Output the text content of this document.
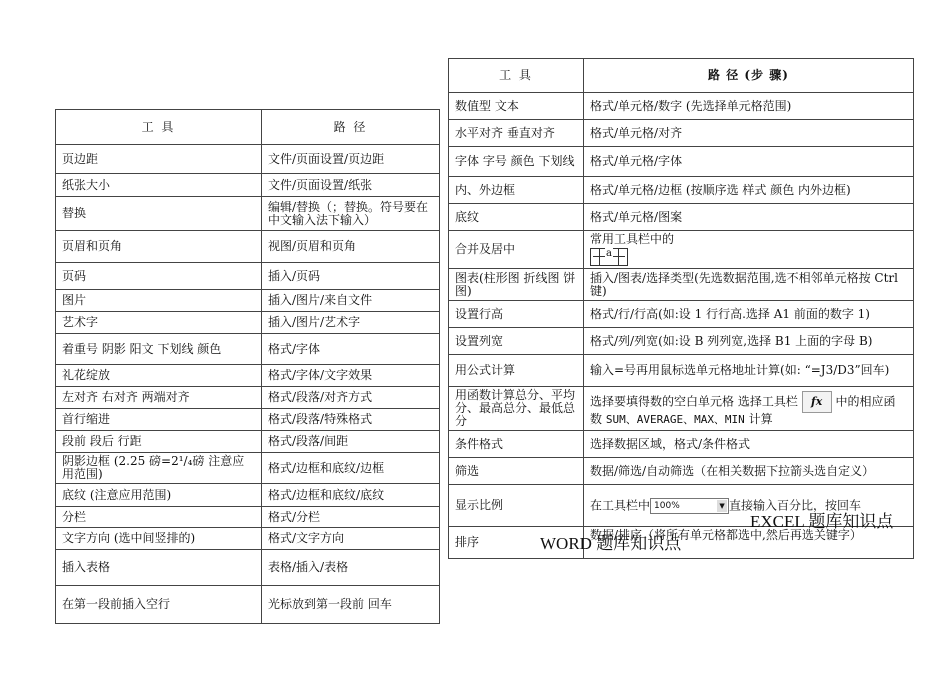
工 具	路 径
页边距	文件/页面设置/页边距
纸张大小	文件/页面设置/纸张
替换	编辑/替换（；替换。符号要在中文输入法下输入）
页眉和页角	视图/页眉和页角
页码	插入/页码
图片	插入/图片/来自文件
艺术字	插入/图片/艺术字
着重号 阴影 阳文 下划线 颜色	格式/字体
礼花绽放	格式/字体/文字效果
左对齐 右对齐 两端对齐	格式/段落/对齐方式
首行缩进	格式/段落/特殊格式
段前 段后 行距	格式/段落/间距
阴影边框 (2.25 磅=2¹/₄磅 注意应用范围)	格式/边框和底纹/边框
底纹 (注意应用范围)	格式/边框和底纹/底纹
分栏	格式/分栏
文字方向 (选中间竖排的)	格式/文字方向
插入表格	表格/插入/表格
在第一段前插入空行	光标放到第一段前 回车
工 具	路 径 (步 骤)
数值型 文本	格式/单元格/数字 (先选择单元格范围)
水平对齐 垂直对齐	格式/单元格/对齐
字体 字号 颜色 下划线	格式/单元格/字体
内、外边框	格式/单元格/边框 (按顺序选 样式 颜色 内外边框)
底纹	格式/单元格/图案
合并及居中	常用工具栏中的

a

图表(柱形图 折线图 饼图)	插入/图表/选择类型(先选数据范围,选不相邻单元格按 Ctrl 键)
设置行高	格式/行/行高(如:设 1 行行高.选择 A1 前面的数字 1)
设置列宽	格式/列/列宽(如:设 B 列列宽,选择 B1 上面的字母 B)
用公式计算	输入=号再用鼠标选单元格地址计算(如: “=J3/D3”回车)
用函数计算总分、平均分、最高总分、最低总分	选择要填得数的空白单元格 选择工具栏 fx 中的相应函数 SUM、AVERAGE、MAX、MIN 计算
条件格式	选择数据区域，格式/条件格式
筛选	数据/筛选/自动筛选（在相关数据下拉箭头选自定义）
显示比例	在工具栏中 100% ▼ 直接输入百分比，按回车
排序	数据/排序（将所有单元格都选中,然后再选关键字）
WORD 题库知识点
EXCEL 题库知识点
